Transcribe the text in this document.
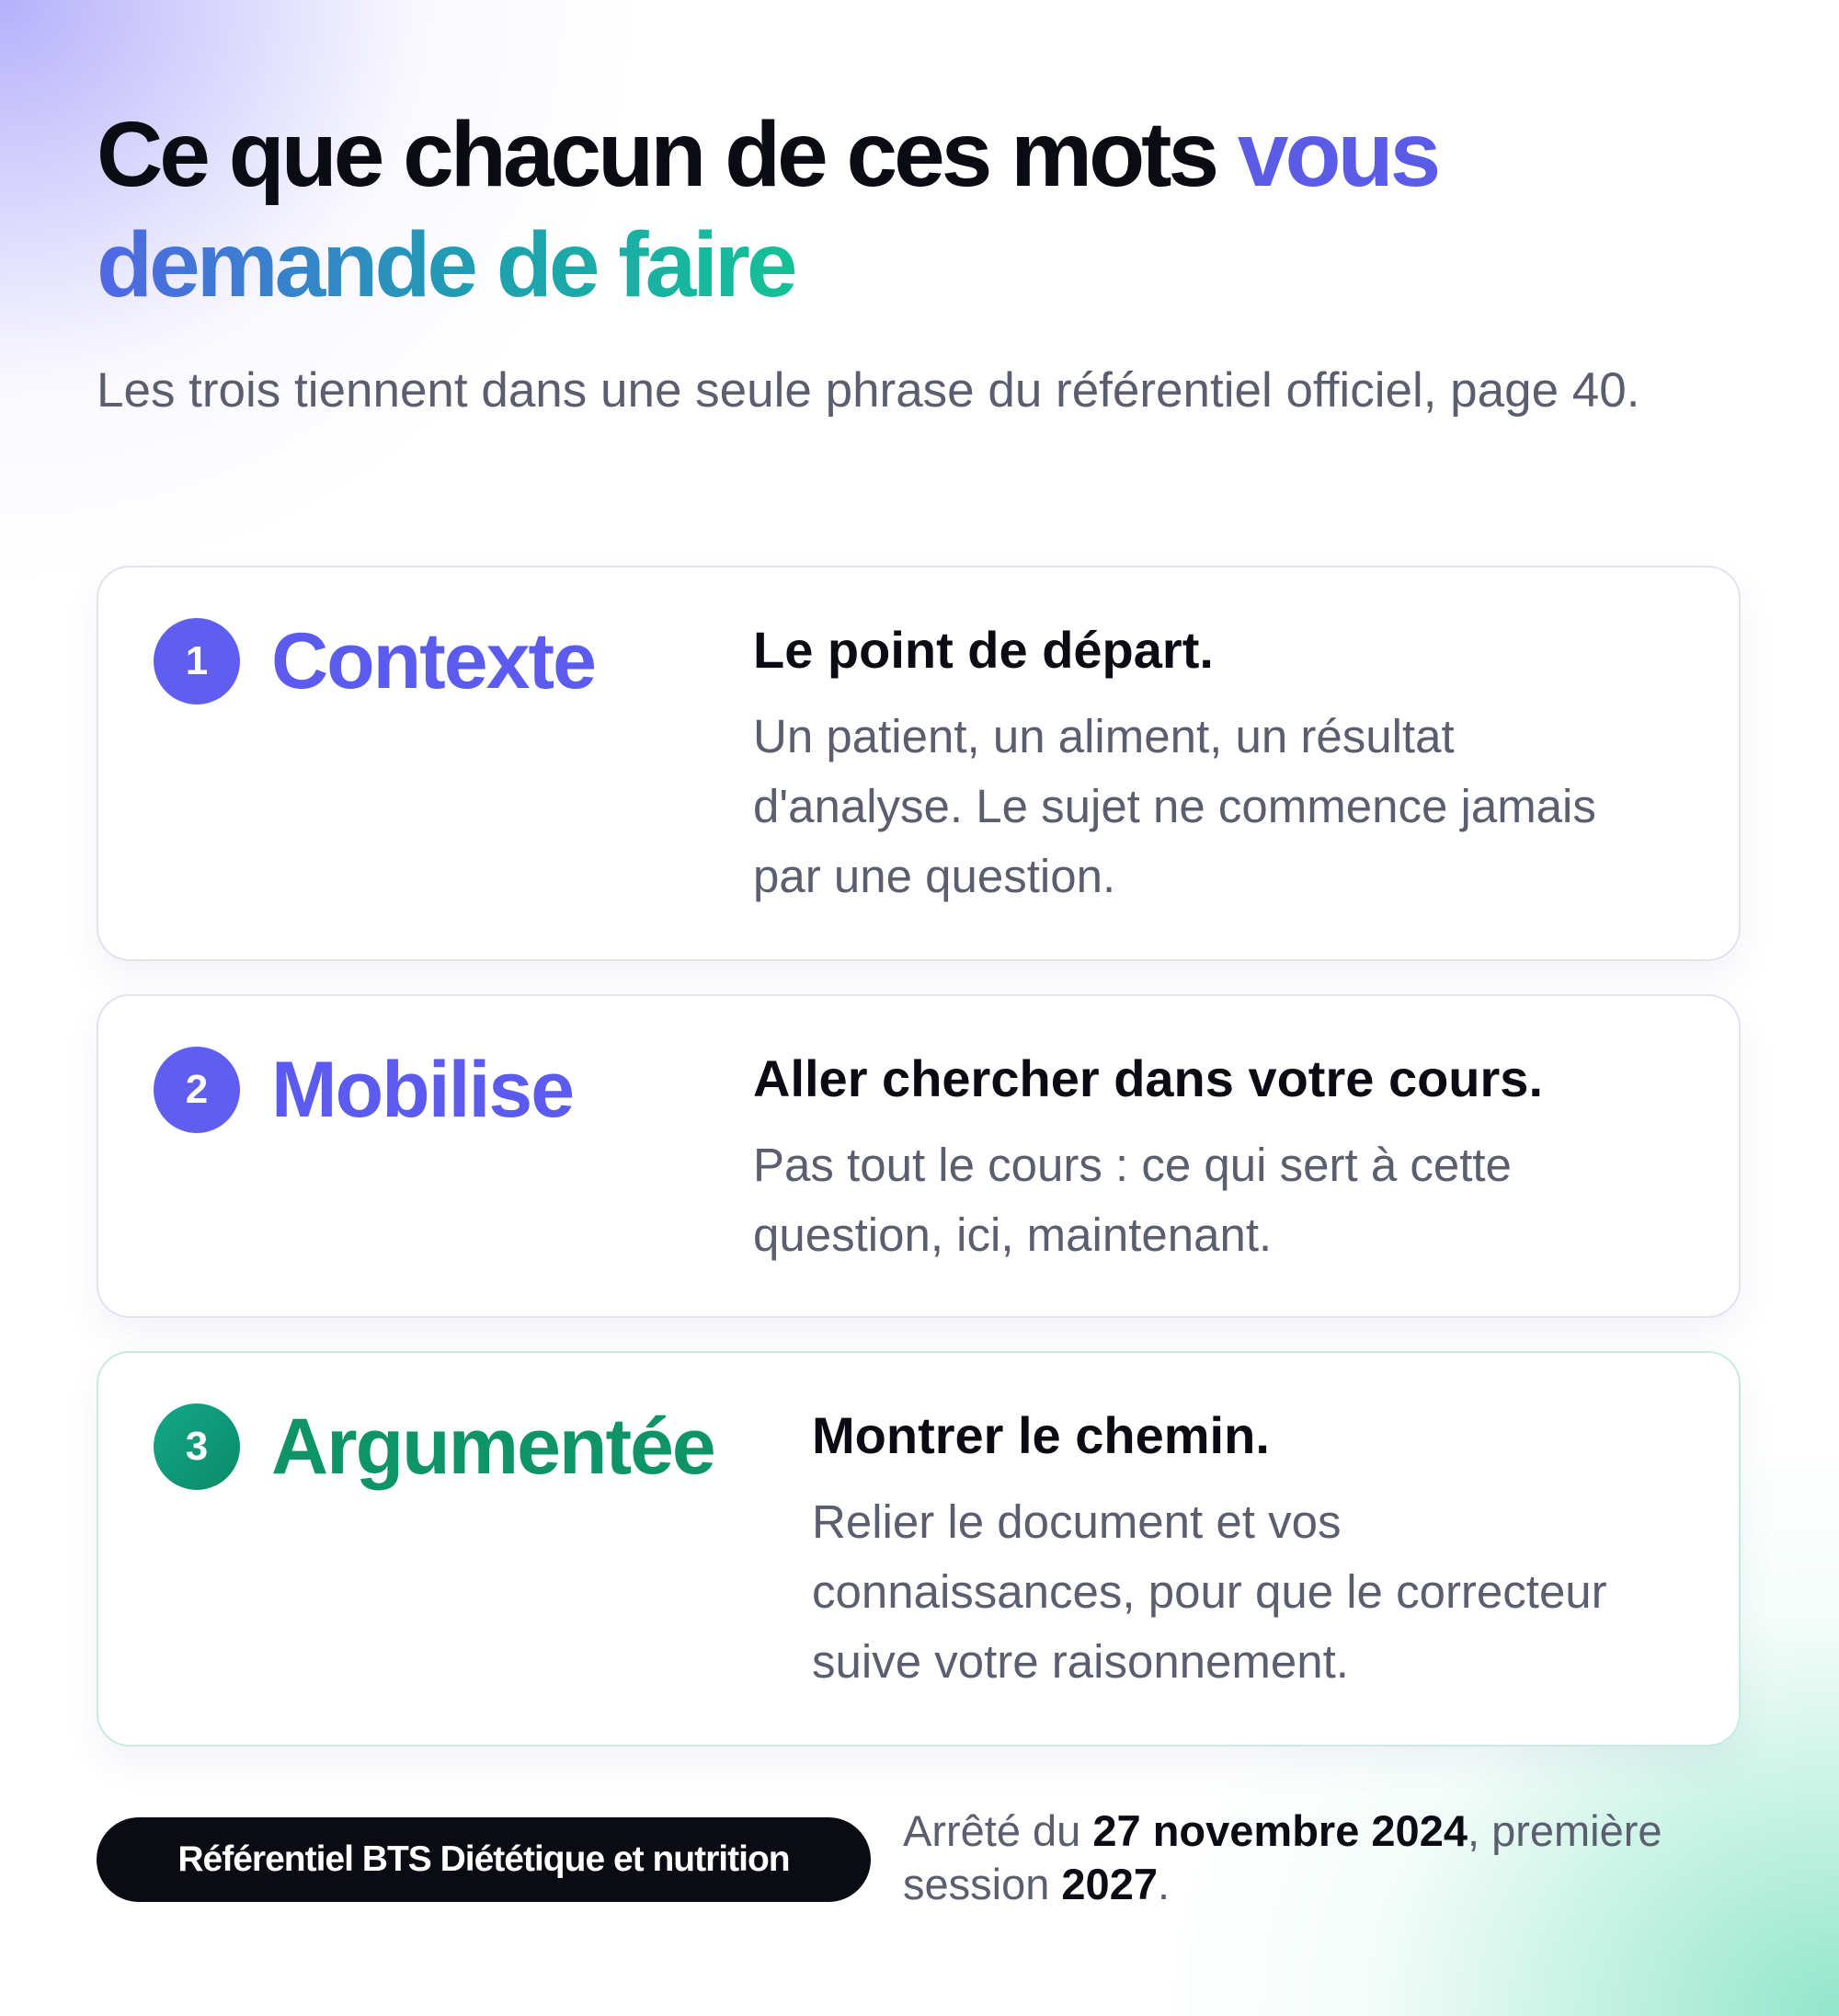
Ce que chacun de ces mots vous
demande de faire

Les trois tiennent dans une seule phrase du référentiel officiel, page 40.

1 Contexte	Le point de départ.

Un patient, un aliment, un résultat d'analyse. Le sujet ne commence jamais par une question.

2 Mobilise	Aller chercher dans votre cours.

Pas tout le cours : ce qui sert à cette question, ici, maintenant.

3 Argumentée Montrer le chemin.

Relier le document et vos connaissances, pour que le correcteur suive votre raisonnement.

Référentiel BTS Diététique et nutrition

Arrêté du 27 novembre 2024, première session 2027.
